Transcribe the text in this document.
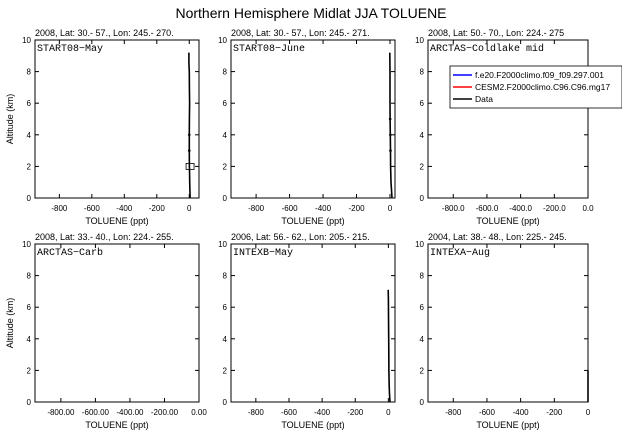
Northern Hemisphere Midlat JJA TOLUENE
2008, Lat: 30.- 57., Lon: 245.- 270.
START08−May
0
2
4
6
8
10
-800 -600 -400 -200	0
TOLUENE (ppt)
Altitude (km)
2008, Lat: 30.- 57., Lon: 245.- 271.
START08−June
0
2
4
6
8
10
-800 -600 -400 -200	0
TOLUENE (ppt)
2008, Lat: 50.- 70., Lon: 224.- 275
ARCTAS−Coldlake mid
0
2
4
6
8
10
-800.0 -600.0 -400.0 -200.0 0.0
TOLUENE (ppt)
2008, Lat: 33.- 40., Lon: 224.- 255.
ARCTAS−Carb
0
2
4
6
8
10
-800.00 -600.00 -400.00 -200.00 0.00
TOLUENE (ppt)
Altitude (km)
2006, Lat: 56.- 62., Lon: 205.- 215.
INTEXB−May
0
2
4
6
8
10
-800 -600 -400 -200	0
TOLUENE (ppt)
2004, Lat: 38.- 48., Lon: 225.- 245.
INTEXA−Aug
0
2
4
6
8
10
-800 -600 -400 -200	0
TOLUENE (ppt)
f.e20.F2000climo.f09_f09.297.001
CESM2.F2000climo.C96.C96.mg17
Data
